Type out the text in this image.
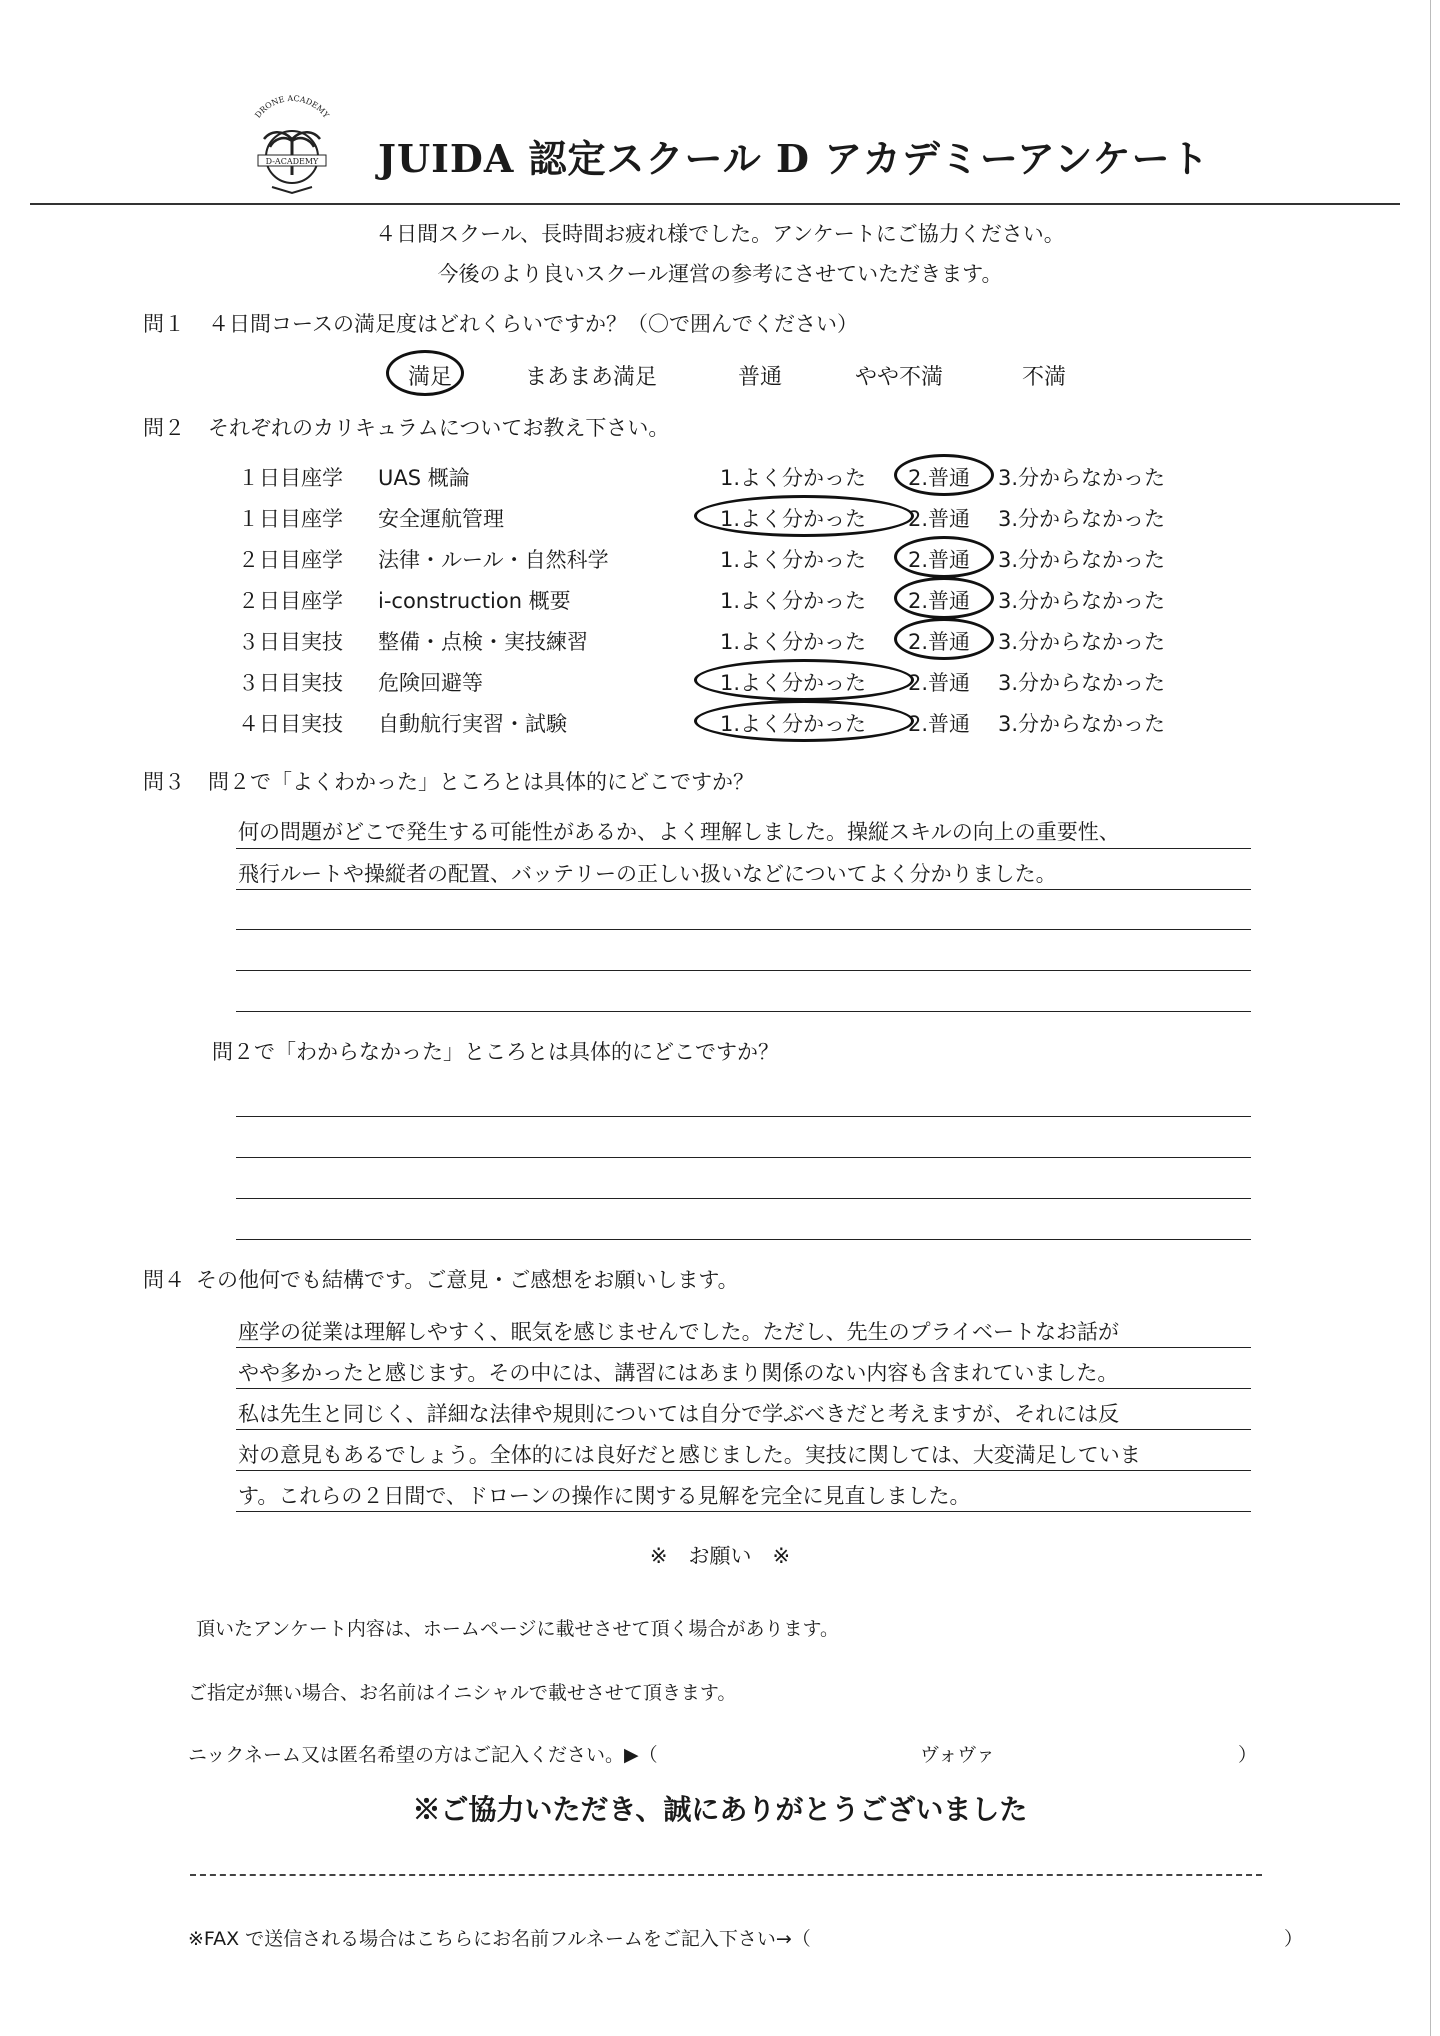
DRONE ACADEMY
D-ACADEMY JUIDA 認定スクール D アカデミーアンケート
４日間スクール、長時間お疲れ様でした。アンケートにご協力ください。
今後のより良いスクール運営の参考にさせていただきます。
問１ ４日間コースの満足度はどれくらいですか？（〇で囲んでください）
満足	まあまあ満足	普通	やや不満	不満
問２ それぞれのカリキュラムについてお教え下さい。
１日目座学 UAS 概論	1.よく分かった 2.普通 3.分からなかった
１日目座学 安全運航管理	1.よく分かった 2.普通 3.分からなかった
２日目座学 法律・ルール・自然科学	1.よく分かった 2.普通 3.分からなかった
２日目座学 i-construction 概要	1.よく分かった 2.普通 3.分からなかった
３日目実技 整備・点検・実技練習	1.よく分かった 2.普通 3.分からなかった
３日目実技 危険回避等	1.よく分かった 2.普通 3.分からなかった
４日目実技 自動航行実習・試験	1.よく分かった 2.普通 3.分からなかった
問３ 問２で「よくわかった」ところとは具体的にどこですか？
何の問題がどこで発生する可能性があるか、よく理解しました。操縦スキルの向上の重要性、
飛行ルートや操縦者の配置、バッテリーの正しい扱いなどについてよく分かりました。
問２で「わからなかった」ところとは具体的にどこですか？
問４ その他何でも結構です。ご意見・ご感想をお願いします。
座学の従業は理解しやすく、眠気を感じませんでした。ただし、先生のプライベートなお話が
やや多かったと感じます。その中には、講習にはあまり関係のない内容も含まれていました。
私は先生と同じく、詳細な法律や規則については自分で学ぶべきだと考えますが、それには反
対の意見もあるでしょう。全体的には良好だと感じました。実技に関しては、大変満足していま
す。これらの２日間で、ドローンの操作に関する見解を完全に見直しました。
※　お願い　※
頂いたアンケート内容は、ホームページに載せさせて頂く場合があります。
ご指定が無い場合、お名前はイニシャルで載せさせて頂きます。
ニックネーム又は匿名希望の方はご記入ください。▶（	ヴォヴァ	）
※ご協力いただき、誠にありがとうございました
※FAX で送信される場合はこちらにお名前フルネームをご記入下さい→（	）
